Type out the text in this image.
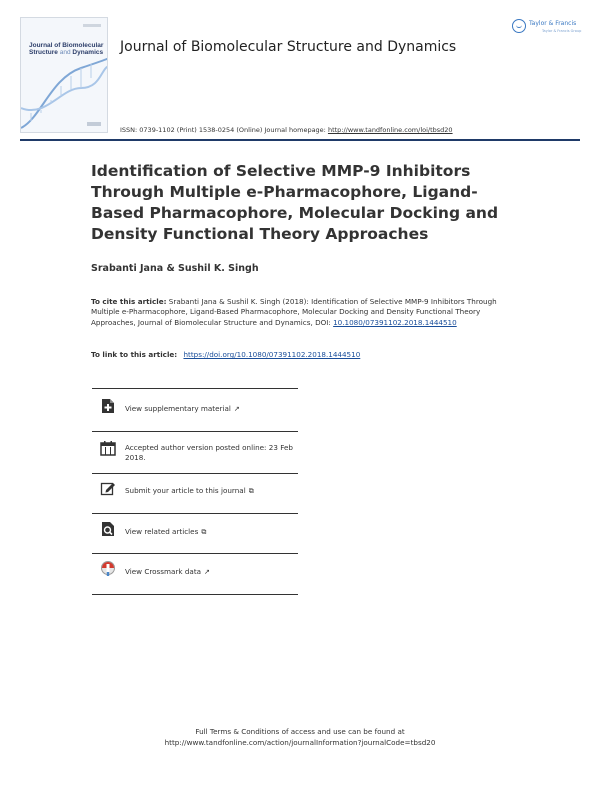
Journal of Biomolecular
Structure and Dynamics Journal of Biomolecular Structure and Dynamics
Taylor & Francis
Taylor & Francis Group
ISSN: 0739-1102 (Print) 1538-0254 (Online) Journal homepage: http://www.tandfonline.com/loi/tbsd20
Identification of Selective MMP-9 Inhibitors Through Multiple e-Pharmacophore, Ligand-Based Pharmacophore, Molecular Docking and Density Functional Theory Approaches
Srabanti Jana & Sushil K. Singh
To cite this article: Srabanti Jana & Sushil K. Singh (2018): Identification of Selective MMP-9 Inhibitors Through Multiple e-Pharmacophore, Ligand-Based Pharmacophore, Molecular Docking and Density Functional Theory Approaches, Journal of Biomolecular Structure and Dynamics, DOI: 10.1080/07391102.2018.1444510
To link to this article: https://doi.org/10.1080/07391102.2018.1444510
View supplementary material ↗
Accepted author version posted online: 23 Feb 2018.
Submit your article to this journal ⧉
View related articles ⧉
View Crossmark data ↗
Full Terms & Conditions of access and use can be found at
http://www.tandfonline.com/action/journalInformation?journalCode=tbsd20
